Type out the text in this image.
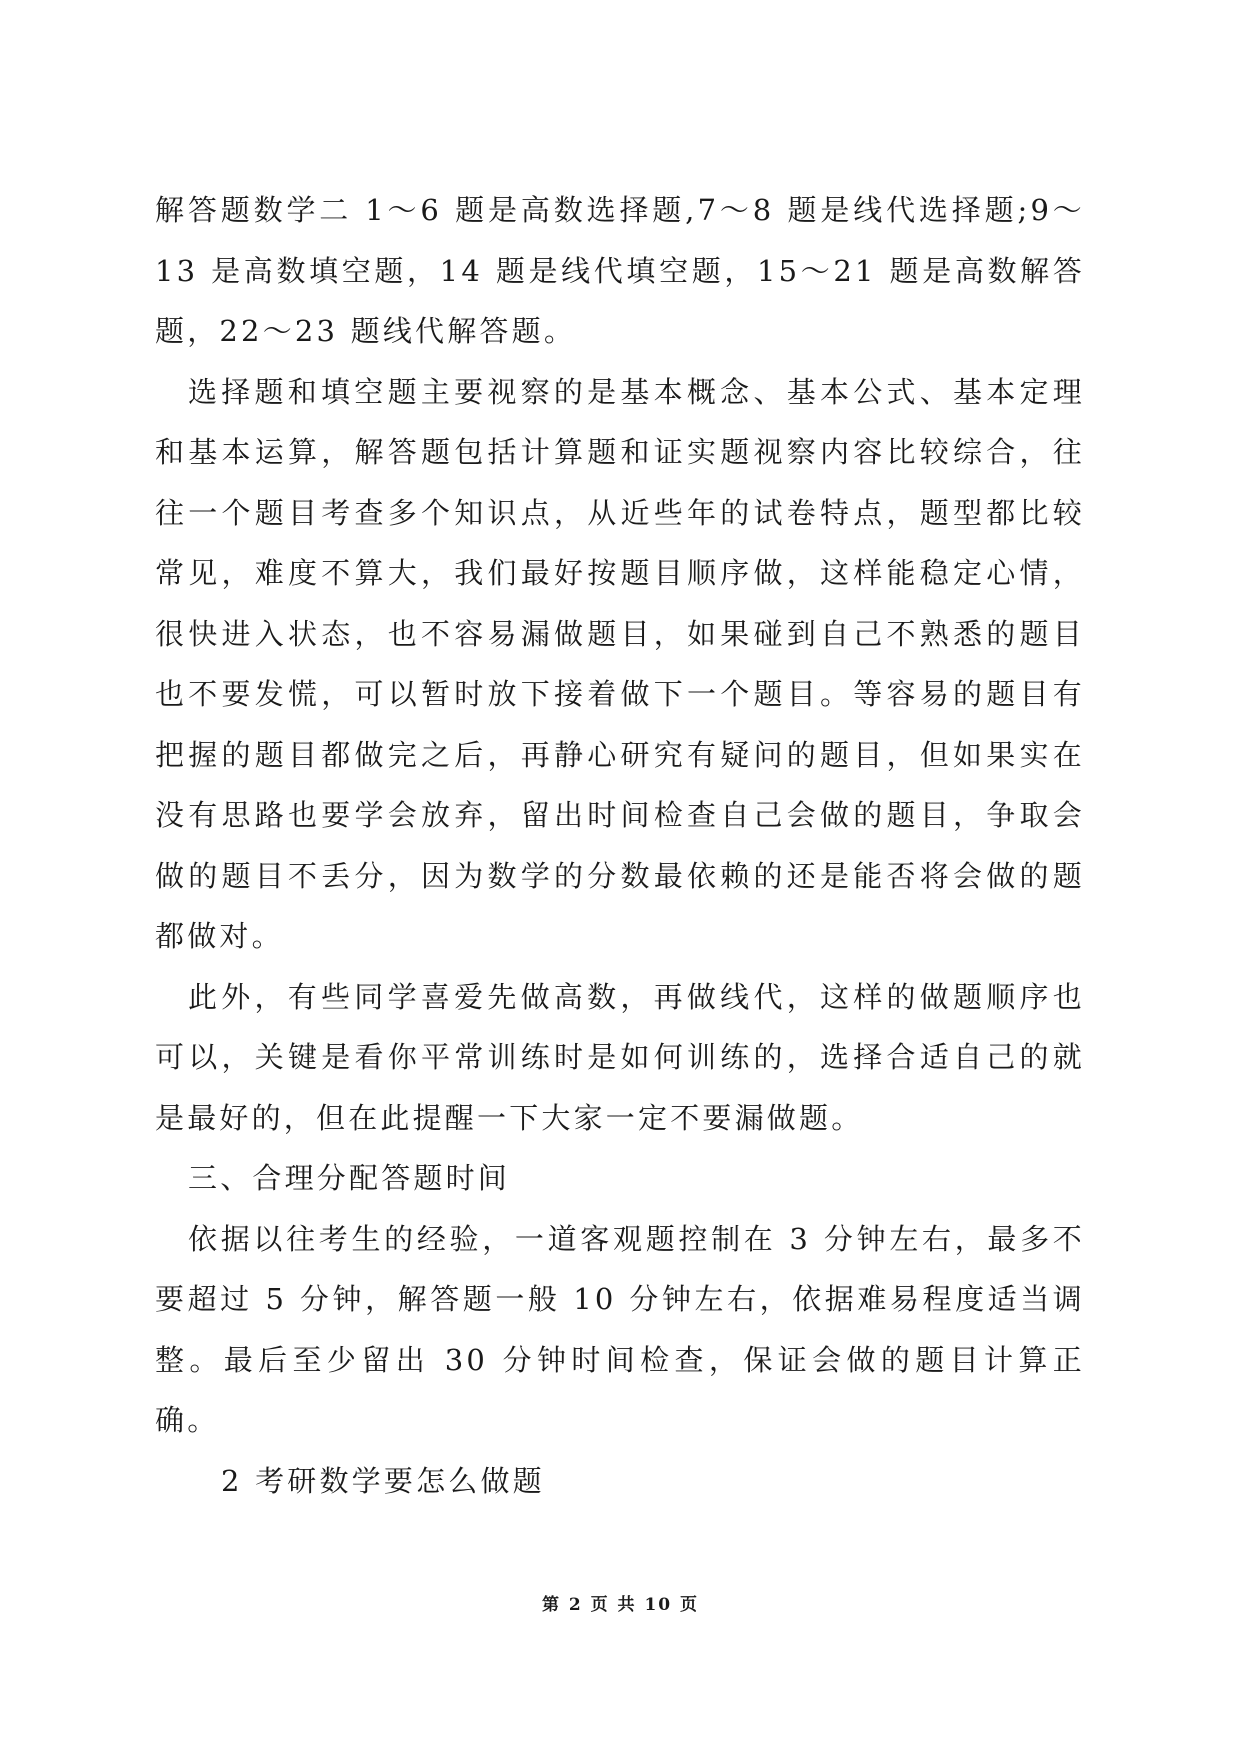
解答题数学二 1～6 题是高数选择题,7～8 题是线代选择题;9～13 是高数填空题，14 题是线代填空题，15～21 题是高数解答题，22～23 题线代解答题。

选择题和填空题主要视察的是基本概念、基本公式、基本定理和基本运算，解答题包括计算题和证实题视察内容比较综合，往往一个题目考查多个知识点，从近些年的试卷特点，题型都比较常见，难度不算大，我们最好按题目顺序做，这样能稳定心情，很快进入状态，也不容易漏做题目，如果碰到自己不熟悉的题目也不要发慌，可以暂时放下接着做下一个题目。等容易的题目有把握的题目都做完之后，再静心研究有疑问的题目，但如果实在没有思路也要学会放弃，留出时间检查自己会做的题目，争取会做的题目不丢分，因为数学的分数最依赖的还是能否将会做的题都做对。

此外，有些同学喜爱先做高数，再做线代，这样的做题顺序也可以，关键是看你平常训练时是如何训练的，选择合适自己的就是最好的，但在此提醒一下大家一定不要漏做题。

三、合理分配答题时间

依据以往考生的经验，一道客观题控制在 3 分钟左右，最多不要超过 5 分钟，解答题一般 10 分钟左右，依据难易程度适当调整。最后至少留出 30 分钟时间检查，保证会做的题目计算正确。

2 考研数学要怎么做题

第 2 页 共 10 页
